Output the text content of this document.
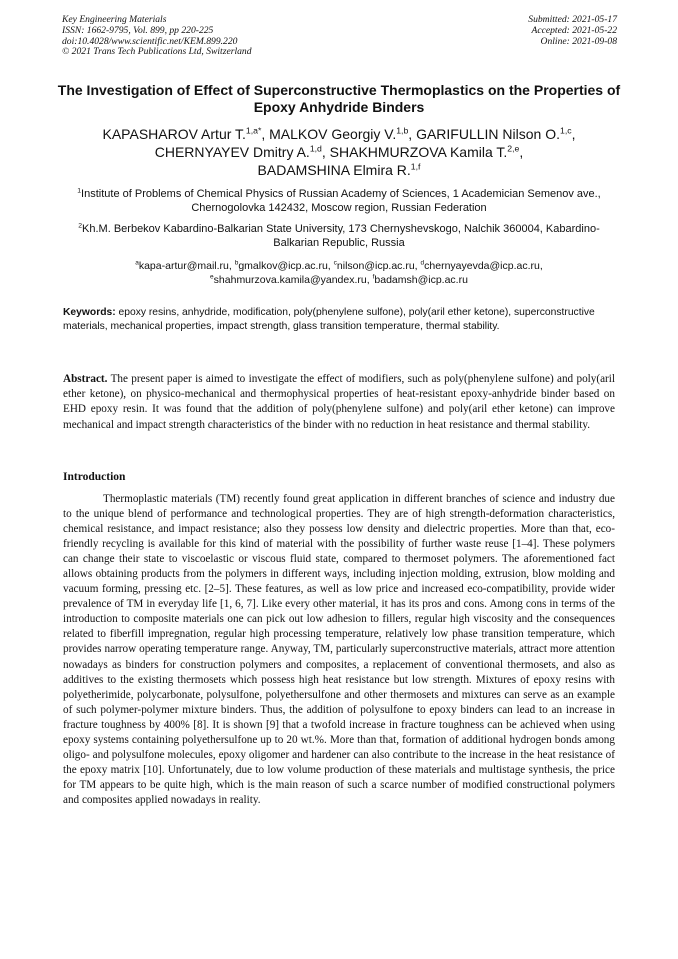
Key Engineering Materials
ISSN: 1662-9795, Vol. 899, pp 220-225
doi:10.4028/www.scientific.net/KEM.899.220
© 2021 Trans Tech Publications Ltd, Switzerland
Submitted: 2021-05-17
Accepted: 2021-05-22
Online: 2021-09-08
The Investigation of Effect of Superconstructive Thermoplastics on the Properties of Epoxy Anhydride Binders
KAPASHAROV Artur T.$^{1,a*}$, MALKOV Georgiy V.$^{1,b}$, GARIFULLIN Nilson O.$^{1,c}$,
CHERNYAYEV Dmitry A.$^{1,d}$, SHAKHMURZOVA Kamila T.$^{2,e}$,
BADAMSHINA Elmira R.$^{1,f}$
$^1$Institute of Problems of Chemical Physics of Russian Academy of Sciences, 1 Academician Semenov ave., Chernogolovka 142432, Moscow region, Russian Federation
$^2$Kh.M. Berbekov Kabardino-Balkarian State University, 173 Chernyshevskogo, Nalchik 360004, Kabardino-Balkarian Republic, Russia
$^a$kapa-artur@mail.ru, $^b$gmalkov@icp.ac.ru, $^c$nilson@icp.ac.ru, $^d$chernyayevda@icp.ac.ru,
$^e$shahmurzova.kamila@yandex.ru, $^f$badamsh@icp.ac.ru
Keywords: epoxy resins, anhydride, modification, poly(phenylene sulfone), poly(aril ether ketone), superconstructive materials, mechanical properties, impact strength, glass transition temperature, thermal stability.
Abstract. The present paper is aimed to investigate the effect of modifiers, such as poly(phenylene sulfone) and poly(aril ether ketone), on physico-mechanical and thermophysical properties of heat-resistant epoxy-anhydride binder based on EHD epoxy resin. It was found that the addition of poly(phenylene sulfone) and poly(aril ether ketone) can improve mechanical and impact strength characteristics of the binder with no reduction in heat resistance and thermal stability.
Introduction

Thermoplastic materials (TM) recently found great application in different branches of science and industry due to the unique blend of performance and technological properties. They are of high strength-deformation characteristics, chemical resistance, and impact resistance; also they possess low density and dielectric properties. More than that, eco-friendly recycling is available for this kind of material with the possibility of further waste reuse [1–4]. These polymers can change their state to viscoelastic or viscous fluid state, compared to thermoset polymers. The aforementioned fact allows obtaining products from the polymers in different ways, including injection molding, extrusion, blow molding and vacuum forming, pressing etc. [2–5]. These features, as well as low price and increased eco-compatibility, provide wider prevalence of TM in everyday life [1, 6, 7]. Like every other material, it has its pros and cons. Among cons in terms of the introduction to composite materials one can pick out low adhesion to fillers, regular high viscosity and the consequences related to fiberfill impregnation, regular high processing temperature, relatively low phase transition temperature, which provides narrow operating temperature range. Anyway, TM, particularly superconstructive materials, attract more attention nowadays as binders for construction polymers and composites, a replacement of conventional thermosets, and also as additives to the existing thermosets which possess high heat resistance but low strength. Mixtures of epoxy resins with polyetherimide, polycarbonate, polysulfone, polyethersulfone and other thermosets and mixtures can serve as an example of such polymer-polymer mixture binders. Thus, the addition of polysulfone to epoxy binders can lead to an increase in fracture toughness by 400% [8]. It is shown [9] that a twofold increase in fracture toughness can be achieved when using epoxy systems containing polyethersulfone up to 20 wt.%. More than that, formation of additional hydrogen bonds among oligo- and polysulfone molecules, epoxy oligomer and hardener can also contribute to the increase in the heat resistance of the epoxy matrix [10]. Unfortunately, due to low volume production of these materials and multistage synthesis, the price for TM appears to be quite high, which is the main reason of such a scarce number of modified constructional polymers and composites applied nowadays in reality.
